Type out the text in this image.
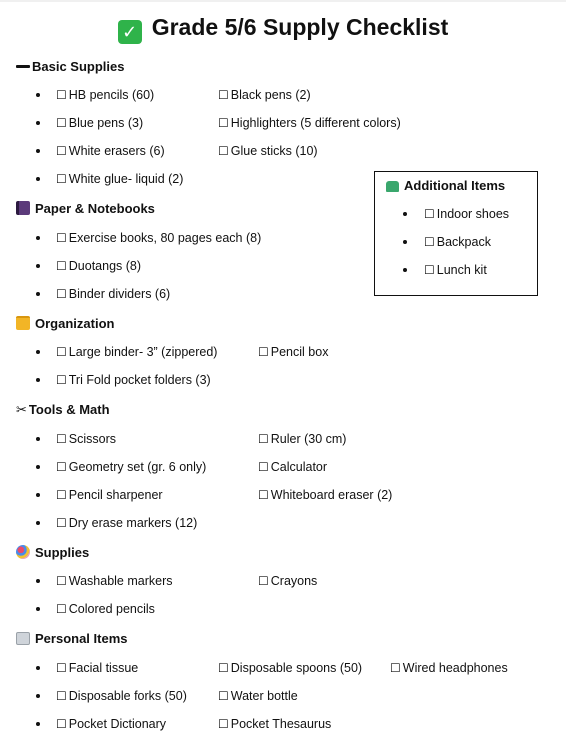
✓ Grade 5/6 Supply Checklist
Basic Supplies
☐ HB pencils (60)	☐ Black pens (2)
☐ Blue pens (3)	☐ Highlighters (5 different colors)
☐ White erasers (6)	☐ Glue sticks (10)
☐ White glue- liquid (2)
Paper & Notebooks
☐ Exercise books, 80 pages each (8)
☐ Duotangs (8)
☐ Binder dividers (6)
Organization
☐ Large binder- 3” (zippered)	☐ Pencil box
☐ Tri Fold pocket folders (3)
✂ Tools & Math
☐ Scissors	☐ Ruler (30 cm)
☐ Geometry set (gr. 6 only)	☐ Calculator
☐ Pencil sharpener	☐ Whiteboard eraser (2)
☐ Dry erase markers (12)
Supplies
☐ Washable markers	☐ Crayons
☐ Colored pencils
Personal Items
☐ Facial tissue	☐ Disposable spoons (50) ☐ Wired headphones
☐ Disposable forks (50)	☐ Water bottle
☐ Pocket Dictionary	☐ Pocket Thesaurus
Additional Items
☐ Indoor shoes
☐ Backpack
☐ Lunch kit
